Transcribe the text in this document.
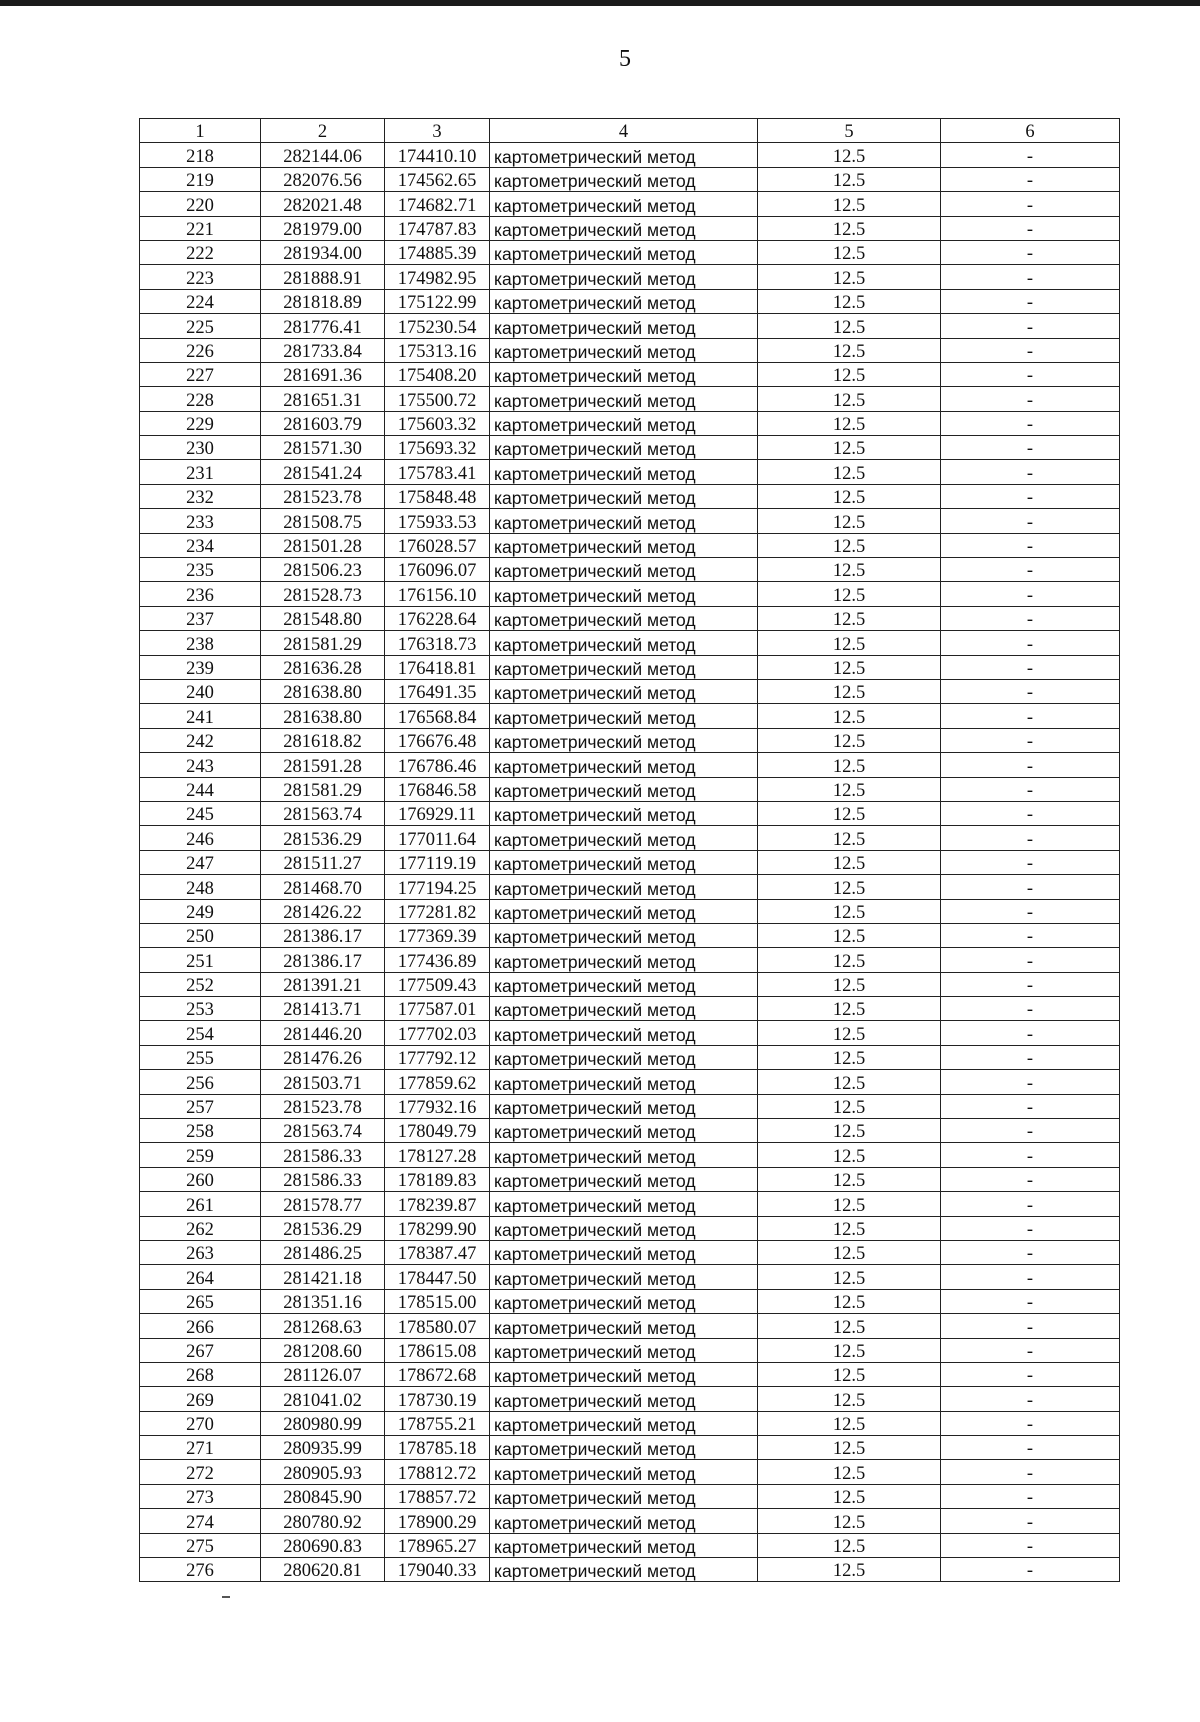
5
1	2	3	4	5	6
218	282144.06	174410.10	картометрический метод	12.5	-
219	282076.56	174562.65	картометрический метод	12.5	-
220	282021.48	174682.71	картометрический метод	12.5	-
221	281979.00	174787.83	картометрический метод	12.5	-
222	281934.00	174885.39	картометрический метод	12.5	-
223	281888.91	174982.95	картометрический метод	12.5	-
224	281818.89	175122.99	картометрический метод	12.5	-
225	281776.41	175230.54	картометрический метод	12.5	-
226	281733.84	175313.16	картометрический метод	12.5	-
227	281691.36	175408.20	картометрический метод	12.5	-
228	281651.31	175500.72	картометрический метод	12.5	-
229	281603.79	175603.32	картометрический метод	12.5	-
230	281571.30	175693.32	картометрический метод	12.5	-
231	281541.24	175783.41	картометрический метод	12.5	-
232	281523.78	175848.48	картометрический метод	12.5	-
233	281508.75	175933.53	картометрический метод	12.5	-
234	281501.28	176028.57	картометрический метод	12.5	-
235	281506.23	176096.07	картометрический метод	12.5	-
236	281528.73	176156.10	картометрический метод	12.5	-
237	281548.80	176228.64	картометрический метод	12.5	-
238	281581.29	176318.73	картометрический метод	12.5	-
239	281636.28	176418.81	картометрический метод	12.5	-
240	281638.80	176491.35	картометрический метод	12.5	-
241	281638.80	176568.84	картометрический метод	12.5	-
242	281618.82	176676.48	картометрический метод	12.5	-
243	281591.28	176786.46	картометрический метод	12.5	-
244	281581.29	176846.58	картометрический метод	12.5	-
245	281563.74	176929.11	картометрический метод	12.5	-
246	281536.29	177011.64	картометрический метод	12.5	-
247	281511.27	177119.19	картометрический метод	12.5	-
248	281468.70	177194.25	картометрический метод	12.5	-
249	281426.22	177281.82	картометрический метод	12.5	-
250	281386.17	177369.39	картометрический метод	12.5	-
251	281386.17	177436.89	картометрический метод	12.5	-
252	281391.21	177509.43	картометрический метод	12.5	-
253	281413.71	177587.01	картометрический метод	12.5	-
254	281446.20	177702.03	картометрический метод	12.5	-
255	281476.26	177792.12	картометрический метод	12.5	-
256	281503.71	177859.62	картометрический метод	12.5	-
257	281523.78	177932.16	картометрический метод	12.5	-
258	281563.74	178049.79	картометрический метод	12.5	-
259	281586.33	178127.28	картометрический метод	12.5	-
260	281586.33	178189.83	картометрический метод	12.5	-
261	281578.77	178239.87	картометрический метод	12.5	-
262	281536.29	178299.90	картометрический метод	12.5	-
263	281486.25	178387.47	картометрический метод	12.5	-
264	281421.18	178447.50	картометрический метод	12.5	-
265	281351.16	178515.00	картометрический метод	12.5	-
266	281268.63	178580.07	картометрический метод	12.5	-
267	281208.60	178615.08	картометрический метод	12.5	-
268	281126.07	178672.68	картометрический метод	12.5	-
269	281041.02	178730.19	картометрический метод	12.5	-
270	280980.99	178755.21	картометрический метод	12.5	-
271	280935.99	178785.18	картометрический метод	12.5	-
272	280905.93	178812.72	картометрический метод	12.5	-
273	280845.90	178857.72	картометрический метод	12.5	-
274	280780.92	178900.29	картометрический метод	12.5	-
275	280690.83	178965.27	картометрический метод	12.5	-
276	280620.81	179040.33	картометрический метод	12.5	-
